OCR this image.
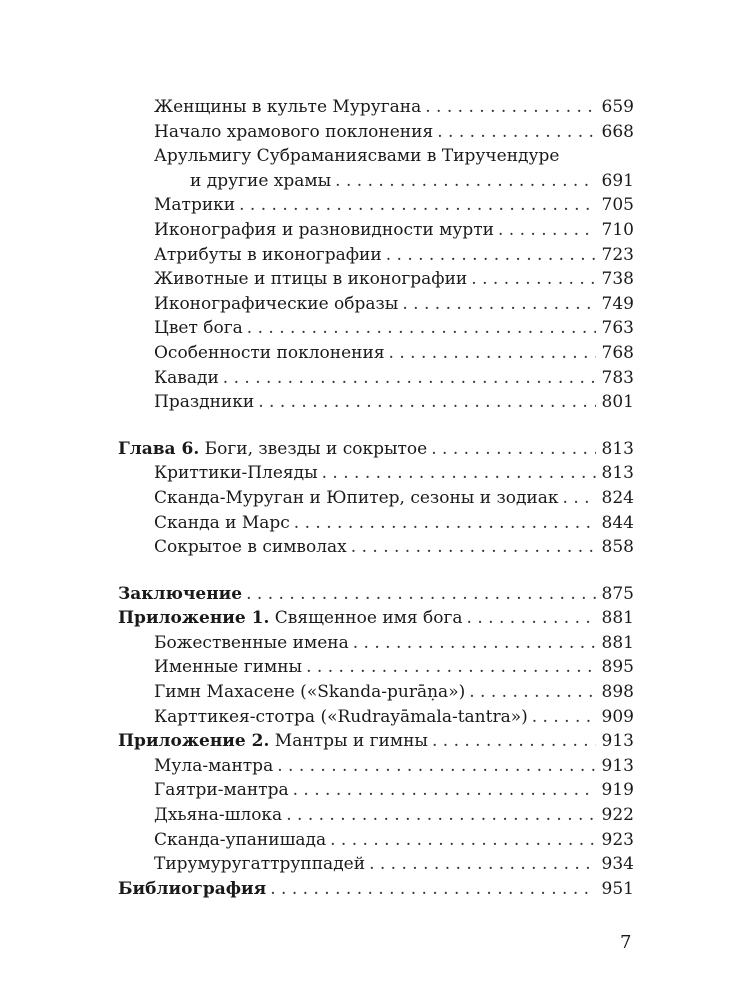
Женщины в культе Муругана . . .	659
Начало храмового поклонения . . .	668
Арульмигу Субраманиясвами в Тиручендуре
и другие храмы . . .	691
Матрики . . .	705
Иконография и разновидности мурти . . .	710
Атрибуты в иконографии . . .	723
Животные и птицы в иконографии . . .	738
Иконографические образы . . .	749
Цвет бога . . .	763
Особенности поклонения . . .	768
Кавади . . .	783
Праздники . . .	801
Глава 6. Боги, звезды и сокрытое . . .	813
Криттики-Плеяды . . .	813
Сканда-Муруган и Юпитер, сезоны и зодиак . . .	824
Сканда и Марс . . .	844
Сокрытое в символах . . .	858
Заключение . . .	875
Приложение 1. Священное имя бога . . .	881
Божественные имена . . .	881
Именные гимны . . .	895
Гимн Махасене («Skanda-purāṇa») . . .	898
Карттикея-стотра («Rudrayāmala-tantra») . . .	909
Приложение 2. Мантры и гимны . . .	913
Мула-мантра . . .	913
Гаятри-мантра . . .	919
Дхьяна-шлока . . .	922
Сканда-упанишада . . .	923
Тирумуругаттруппадей . . .	934
Библиография . . .	951
7
